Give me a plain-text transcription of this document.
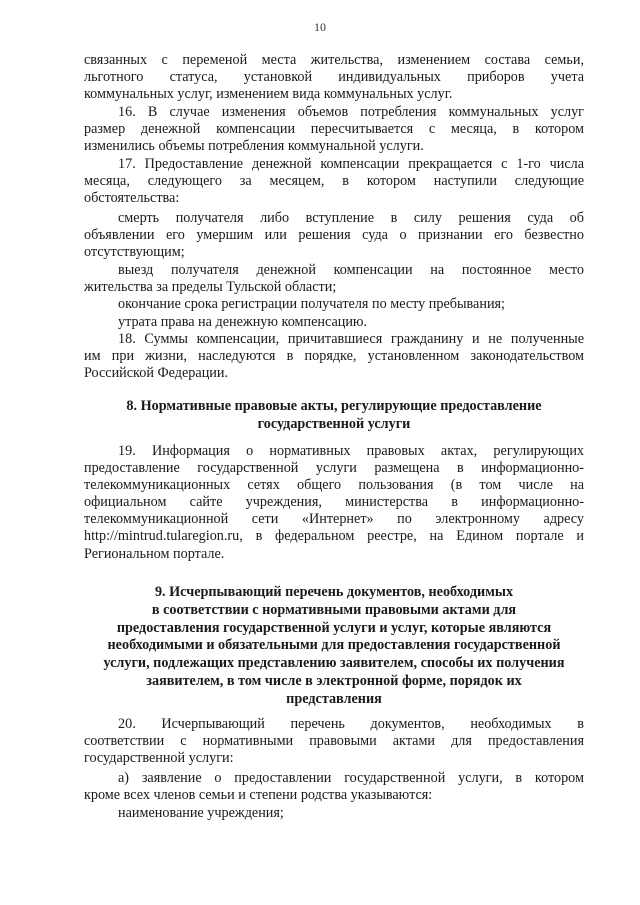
10
связанных с переменой места жительства, изменением состава семьи,
льготного статуса, установкой индивидуальных приборов учета
коммунальных услуг, изменением вида коммунальных услуг.
16. В случае изменения объемов потребления коммунальных услуг
размер денежной компенсации пересчитывается с месяца, в котором
изменились объемы потребления коммунальной услуги.
17. Предоставление денежной компенсации прекращается с 1-го числа
месяца, следующего за месяцем, в котором наступили следующие
обстоятельства:
смерть получателя либо вступление в силу решения суда об
объявлении его умершим или решения суда о признании его безвестно
отсутствующим;
выезд получателя денежной компенсации на постоянное место
жительства за пределы Тульской области;
окончание срока регистрации получателя по месту пребывания;
утрата права на денежную компенсацию.
18. Суммы компенсации, причитавшиеся гражданину и не полученные
им при жизни, наследуются в порядке, установленном законодательством
Российской Федерации.
8. Нормативные правовые акты, регулирующие предоставление
государственной услуги
19. Информация о нормативных правовых актах, регулирующих
предоставление государственной услуги размещена в информационно-
телекоммуникационных сетях общего пользования (в том числе на
официальном сайте учреждения, министерства в информационно-
телекоммуникационной сети «Интернет» по электронному адресу
http://mintrud.tularegion.ru, в федеральном реестре, на Едином портале и
Региональном портале.
9. Исчерпывающий перечень документов, необходимых
в соответствии с нормативными правовыми актами для
предоставления государственной услуги и услуг, которые являются
необходимыми и обязательными для предоставления государственной
услуги, подлежащих представлению заявителем, способы их получения
заявителем, в том числе в электронной форме, порядок их
представления
20. Исчерпывающий перечень документов, необходимых в
соответствии с нормативными правовыми актами для предоставления
государственной услуги:
а) заявление о предоставлении государственной услуги, в котором
кроме всех членов семьи и степени родства указываются:
наименование учреждения;
